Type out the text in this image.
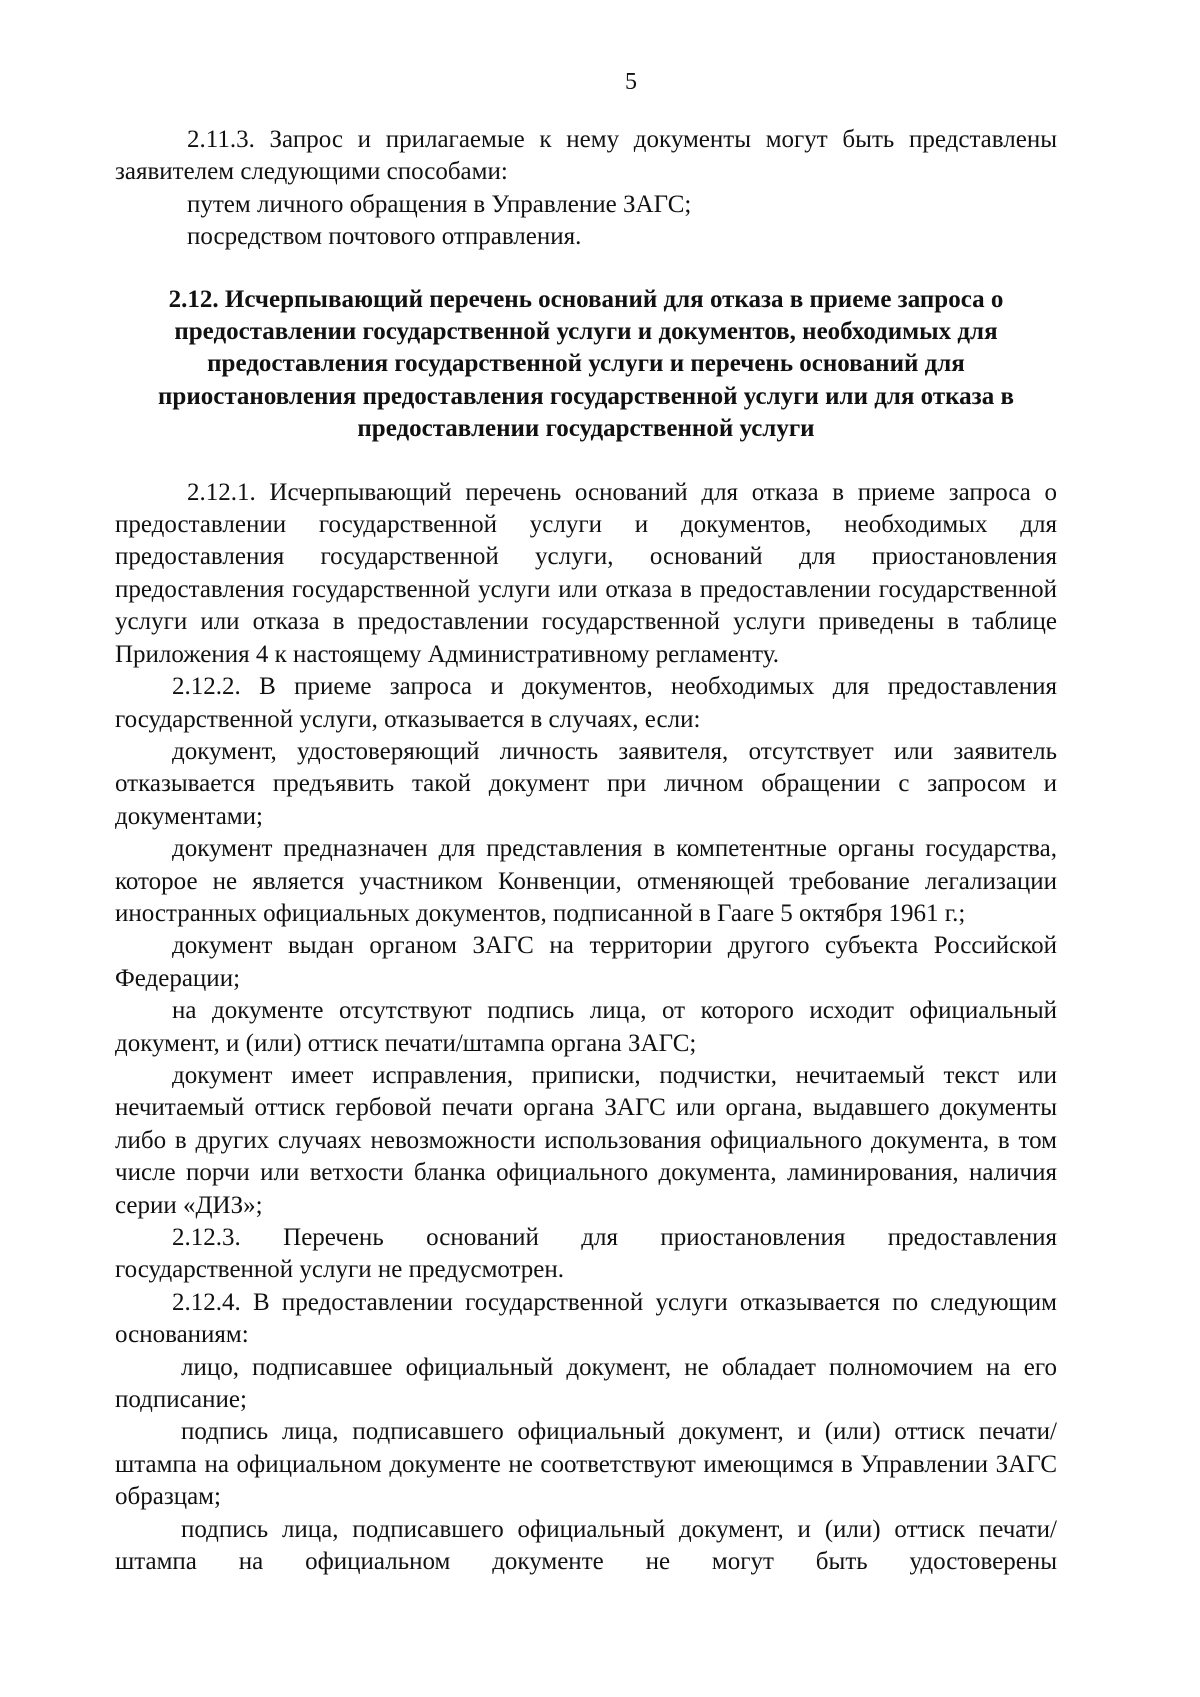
5

2.11.3. Запрос и прилагаемые к нему документы могут быть представлены заявителем следующими способами:

путем личного обращения в Управление ЗАГС;

посредством почтового отправления.

2.12. Исчерпывающий перечень оснований для отказа в приеме запроса о предоставлении государственной услуги и документов, необходимых для предоставления государственной услуги и перечень оснований для приостановления предоставления государственной услуги или для отказа в предоставлении государственной услуги

2.12.1. Исчерпывающий перечень оснований для отказа в приеме запроса о предоставлении государственной услуги и документов, необходимых для предоставления государственной услуги, оснований для приостановления предоставления государственной услуги или отказа в предоставлении государственной услуги или отказа в предоставлении государственной услуги приведены в таблице Приложения 4 к настоящему Административному регламенту.

2.12.2. В приеме запроса и документов, необходимых для предоставления государственной услуги, отказывается в случаях, если:

документ, удостоверяющий личность заявителя, отсутствует или заявитель отказывается предъявить такой документ при личном обращении с запросом и документами;

документ предназначен для представления в компетентные органы государства, которое не является участником Конвенции, отменяющей требование легализации иностранных официальных документов, подписанной в Гааге 5 октября 1961 г.;

документ выдан органом ЗАГС на территории другого субъекта Российской Федерации;

на документе отсутствуют подпись лица, от которого исходит официальный документ, и (или) оттиск печати/штампа органа ЗАГС;

документ имеет исправления, приписки, подчистки, нечитаемый текст или нечитаемый оттиск гербовой печати органа ЗАГС или органа, выдавшего документы либо в других случаях невозможности использования официального документа, в том числе порчи или ветхости бланка официального документа, ламинирования, наличия серии «ДИЗ»;

2.12.3. Перечень оснований для приостановления предоставления государственной услуги не предусмотрен.

2.12.4. В предоставлении государственной услуги отказывается по следующим основаниям:

лицо, подписавшее официальный документ, не обладает полномочием на его подписание;

подпись лица, подписавшего официальный документ, и (или) оттиск печати/штампа на официальном документе не соответствуют имеющимся в Управлении ЗАГС образцам;

подпись лица, подписавшего официальный документ, и (или) оттиск печати/штампа на официальном документе не могут быть удостоверены
